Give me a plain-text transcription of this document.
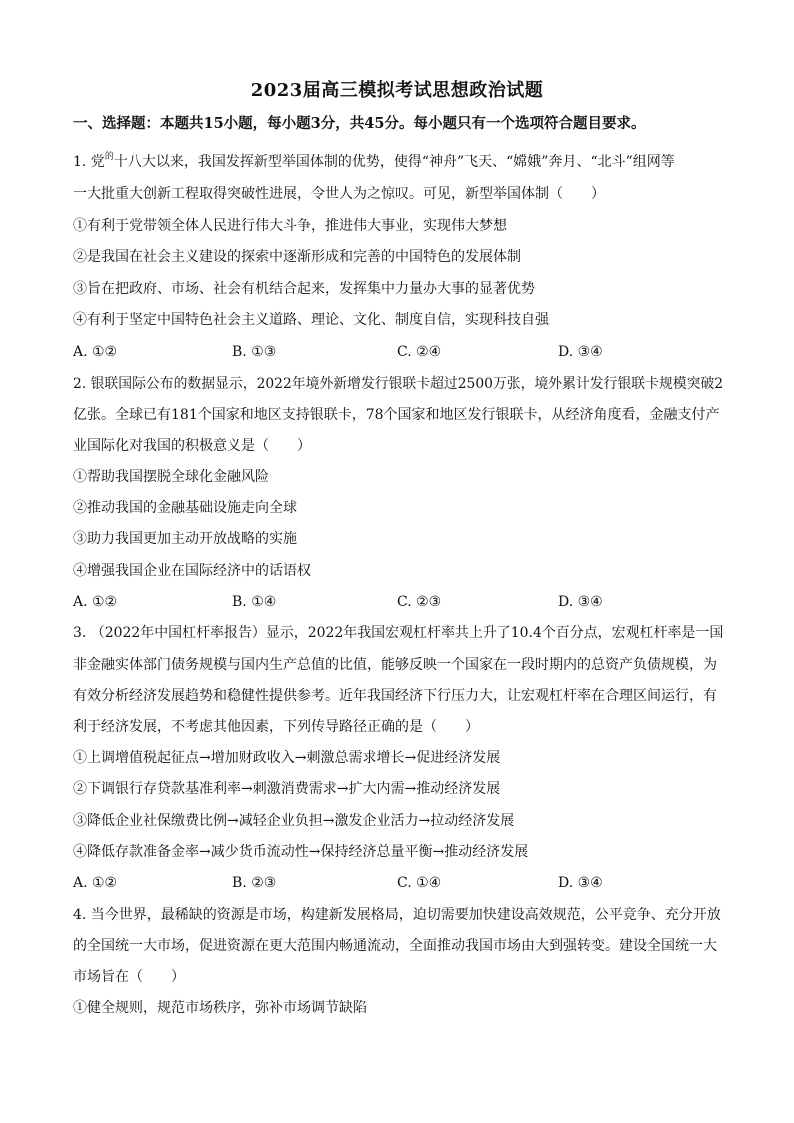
2023届高三模拟考试思想政治试题
一、选择题：本题共15小题，每小题3分，共45分。每小题只有一个选项符合题目要求。
1. 党$^的$十八大以来，我国发挥新型举国体制的优势，使得“神舟”飞天、“嫦娥”奔月、“北斗”组网等
一大批重大创新工程取得突破性进展，令世人为之惊叹。可见，新型举国体制（　　）
①有利于党带领全体人民进行伟大斗争，推进伟大事业，实现伟大梦想
②是我国在社会主义建设的探索中逐渐形成和完善的中国特色的发展体制
③旨在把政府、市场、社会有机结合起来，发挥集中力量办大事的显著优势
④有利于坚定中国特色社会主义道路、理论、文化、制度自信，实现科技自强
A. ①②	B. ①③	C. ②④	D. ③④
2. 银联国际公布的数据显示，2022年境外新增发行银联卡超过2500万张，境外累计发行银联卡规模突破2
亿张。全球已有181个国家和地区支持银联卡，78个国家和地区发行银联卡，从经济角度看，金融支付产
业国际化对我国的积极意义是（　　）
①帮助我国摆脱全球化金融风险
②推动我国的金融基础设施走向全球
③助力我国更加主动开放战略的实施
④增强我国企业在国际经济中的话语权
A. ①②	B. ①④	C. ②③	D. ③④
3. （2022年中国杠杆率报告）显示，2022年我国宏观杠杆率共上升了10.4个百分点，宏观杠杆率是一国
非金融实体部门债务规模与国内生产总值的比值，能够反映一个国家在一段时期内的总资产负债规模，为
有效分析经济发展趋势和稳健性提供参考。近年我国经济下行压力大，让宏观杠杆率在合理区间运行，有
利于经济发展，不考虑其他因素，下列传导路径正确的是（　　）
①上调增值税起征点→增加财政收入→刺激总需求增长→促进经济发展
②下调银行存贷款基准利率→刺激消费需求→扩大内需→推动经济发展
③降低企业社保缴费比例→减轻企业负担→激发企业活力→拉动经济发展
④降低存款准备金率→减少货币流动性→保持经济总量平衡→推动经济发展
A. ①②	B. ②③	C. ①④	D. ③④
4. 当今世界，最稀缺的资源是市场，构建新发展格局，迫切需要加快建设高效规范，公平竞争、充分开放
的全国统一大市场，促进资源在更大范围内畅通流动，全面推动我国市场由大到强转变。建设全国统一大
市场旨在（　　）
①健全规则，规范市场秩序，弥补市场调节缺陷
